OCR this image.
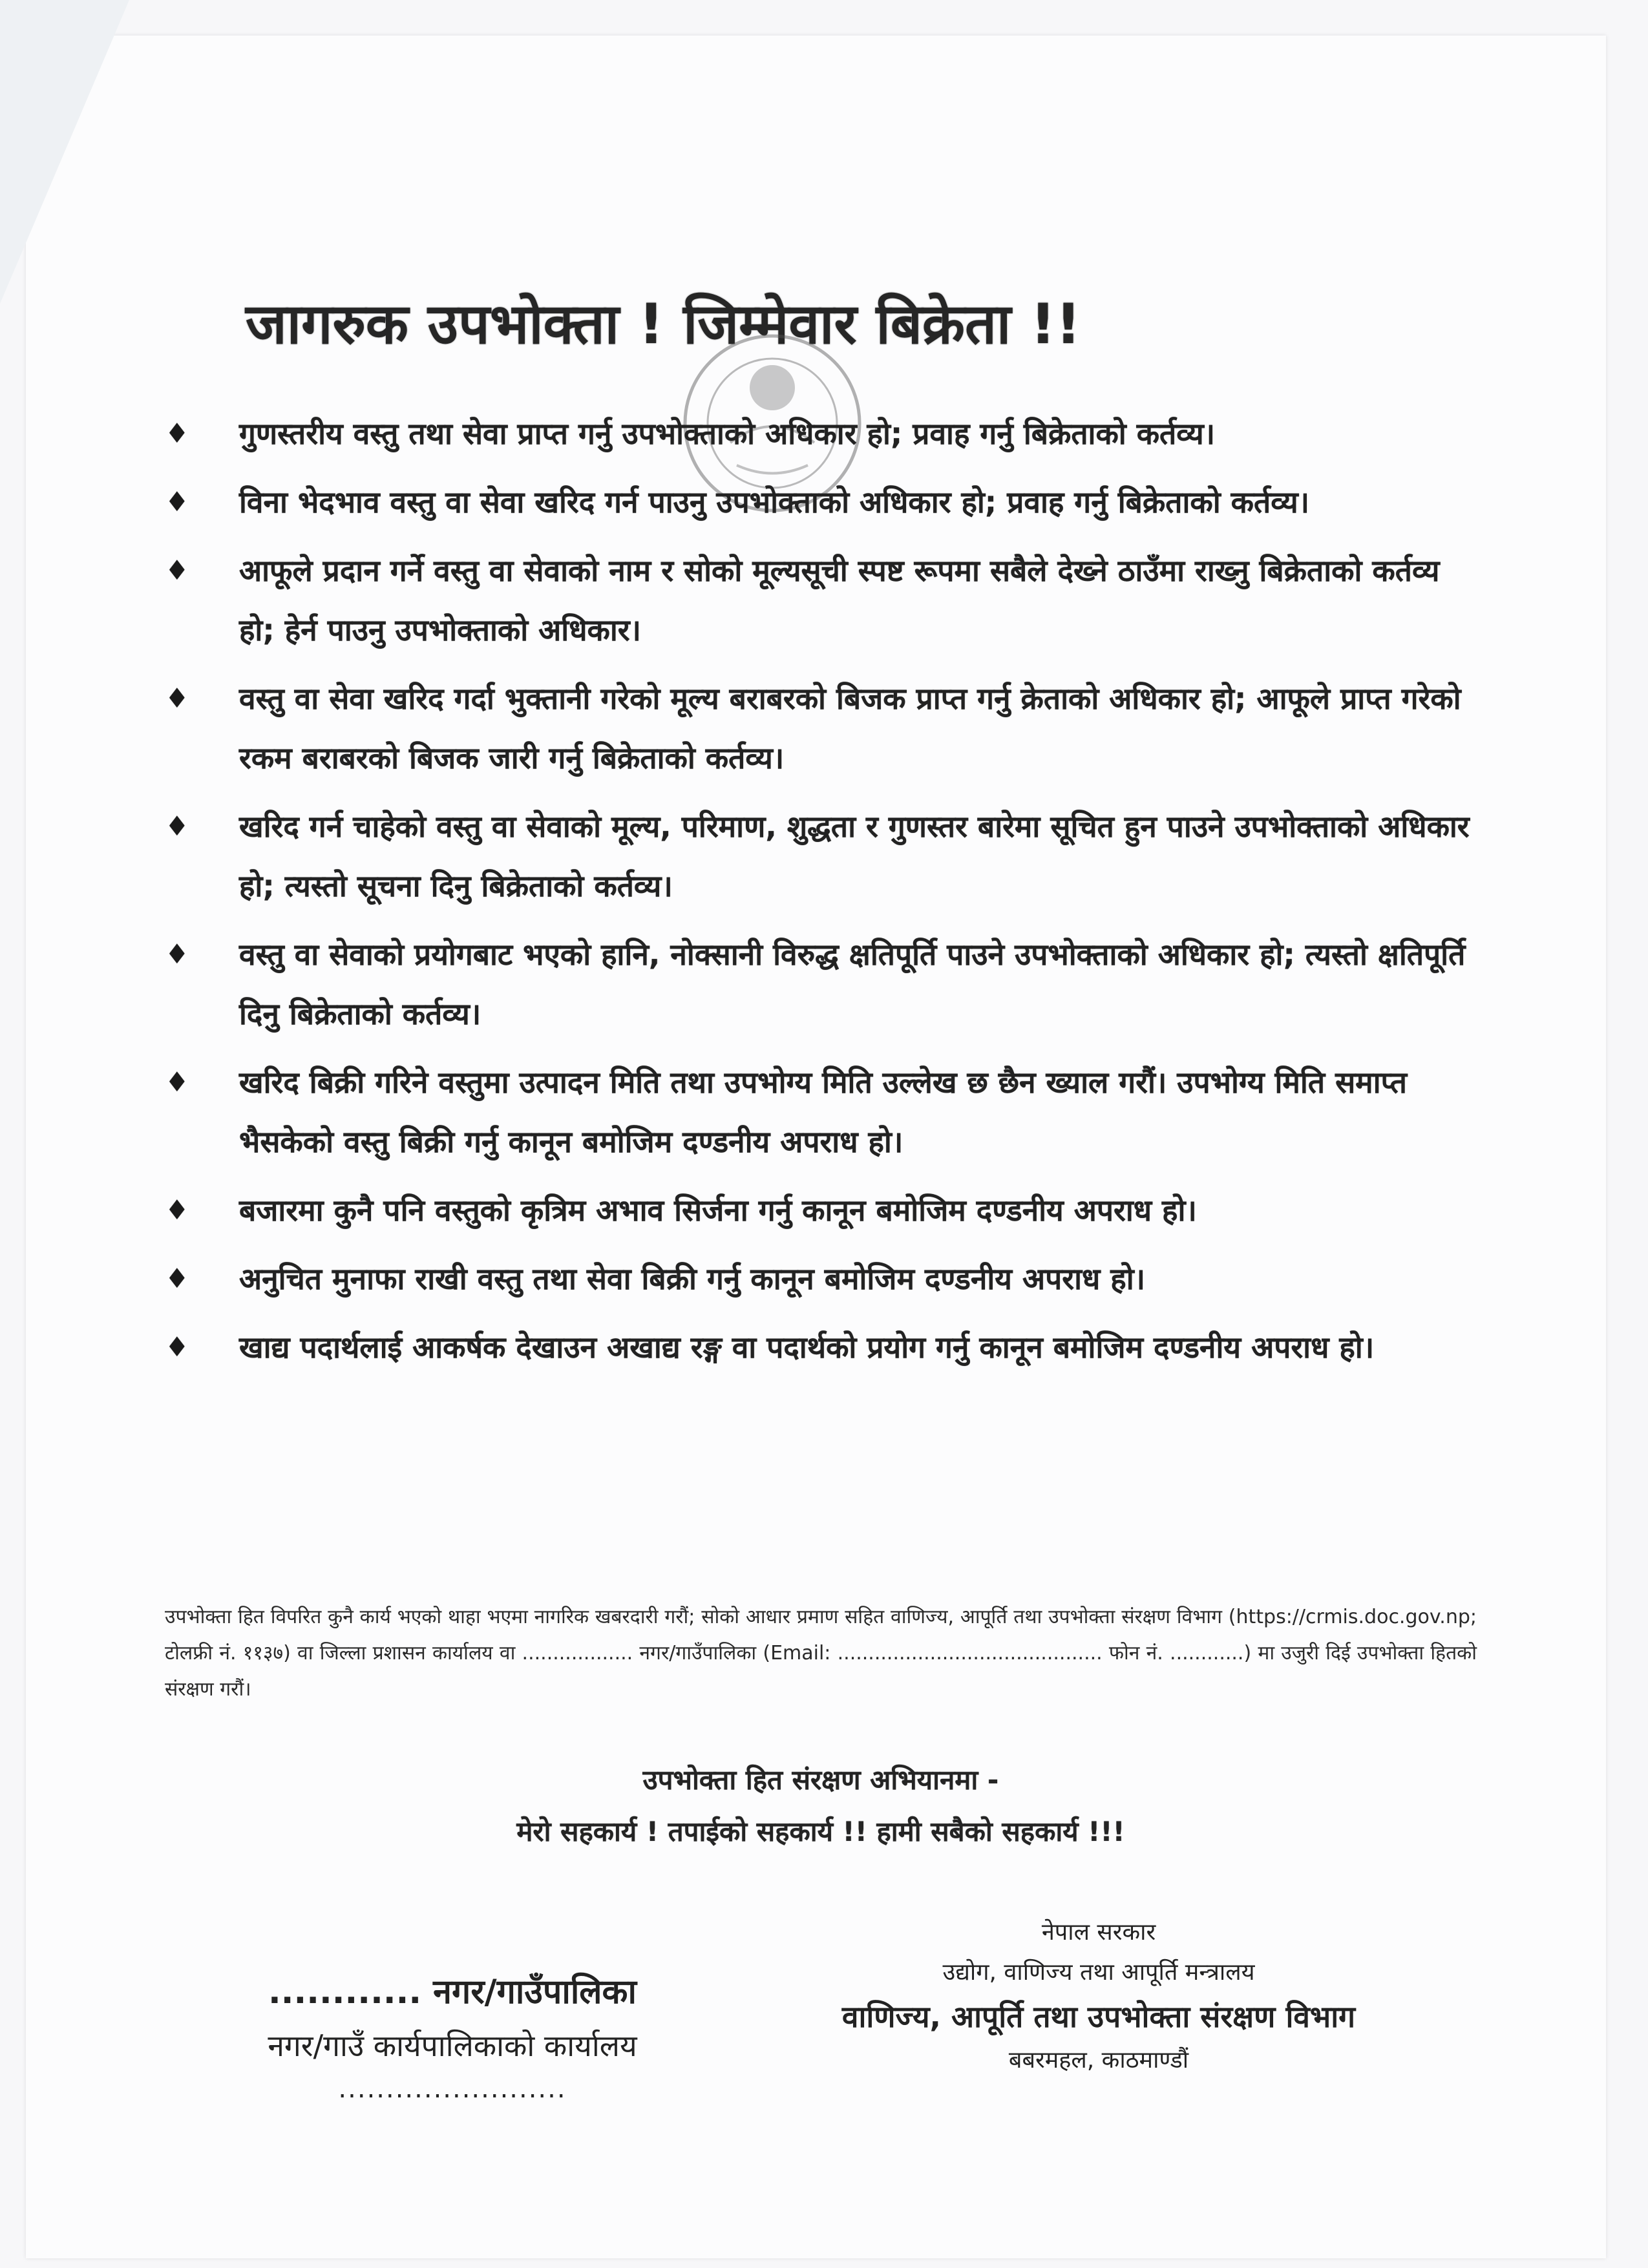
जागरुक उपभोक्ता ! जिम्मेवार बिक्रेता !!
♦	गुणस्तरीय वस्तु तथा सेवा प्राप्त गर्नु उपभोक्ताको अधिकार हो; प्रवाह गर्नु बिक्रेताको कर्तव्य।
♦	विना भेदभाव वस्तु वा सेवा खरिद गर्न पाउनु उपभोक्ताको अधिकार हो; प्रवाह गर्नु बिक्रेताको कर्तव्य।
♦	आफूले प्रदान गर्ने वस्तु वा सेवाको नाम र सोको मूल्यसूची स्पष्ट रूपमा सबैले देख्ने ठाउँमा राख्नु बिक्रेताको कर्तव्य हो; हेर्न पाउनु उपभोक्ताको अधिकार।
♦	वस्तु वा सेवा खरिद गर्दा भुक्तानी गरेको मूल्य बराबरको बिजक प्राप्त गर्नु क्रेताको अधिकार हो; आफूले प्राप्त गरेको रकम बराबरको बिजक जारी गर्नु बिक्रेताको कर्तव्य।
♦	खरिद गर्न चाहेको वस्तु वा सेवाको मूल्य, परिमाण, शुद्धता र गुणस्तर बारेमा सूचित हुन पाउने उपभोक्ताको अधिकार हो; त्यस्तो सूचना दिनु बिक्रेताको कर्तव्य।
♦	वस्तु वा सेवाको प्रयोगबाट भएको हानि, नोक्सानी विरुद्ध क्षतिपूर्ति पाउने उपभोक्ताको अधिकार हो; त्यस्तो क्षतिपूर्ति दिनु बिक्रेताको कर्तव्य।
♦	खरिद बिक्री गरिने वस्तुमा उत्पादन मिति तथा उपभोग्य मिति उल्लेख छ छैन ख्याल गरौं। उपभोग्य मिति समाप्त भैसकेको वस्तु बिक्री गर्नु कानून बमोजिम दण्डनीय अपराध हो।
♦	बजारमा कुनै पनि वस्तुको कृत्रिम अभाव सिर्जना गर्नु कानून बमोजिम दण्डनीय अपराध हो।
♦	अनुचित मुनाफा राखी वस्तु तथा सेवा बिक्री गर्नु कानून बमोजिम दण्डनीय अपराध हो।
♦	खाद्य पदार्थलाई आकर्षक देखाउन अखाद्य रङ्ग वा पदार्थको प्रयोग गर्नु कानून बमोजिम दण्डनीय अपराध हो।
उपभोक्ता हित विपरित कुनै कार्य भएको थाहा भएमा नागरिक खबरदारी गरौं; सोको आधार प्रमाण सहित वाणिज्य, आपूर्ति तथा उपभोक्ता संरक्षण विभाग (https://crmis.doc.gov.np; टोलफ्री नं. ११३७) वा जिल्ला प्रशासन कार्यालय वा .................. नगर/गाउँपालिका (Email: ........................................... फोन नं. ............) मा उजुरी दिई उपभोक्ता हितको संरक्षण गरौं।
उपभोक्ता हित संरक्षण अभियानमा -
मेरो सहकार्य ! तपाईको सहकार्य !! हामी सबैको सहकार्य !!!
............ नगर/गाउँपालिका
नगर/गाउँ कार्यपालिकाको कार्यालय
........................
नेपाल सरकार
उद्योग, वाणिज्य तथा आपूर्ति मन्त्रालय
वाणिज्य, आपूर्ति तथा उपभोक्ता संरक्षण विभाग
बबरमहल, काठमाण्डौं
